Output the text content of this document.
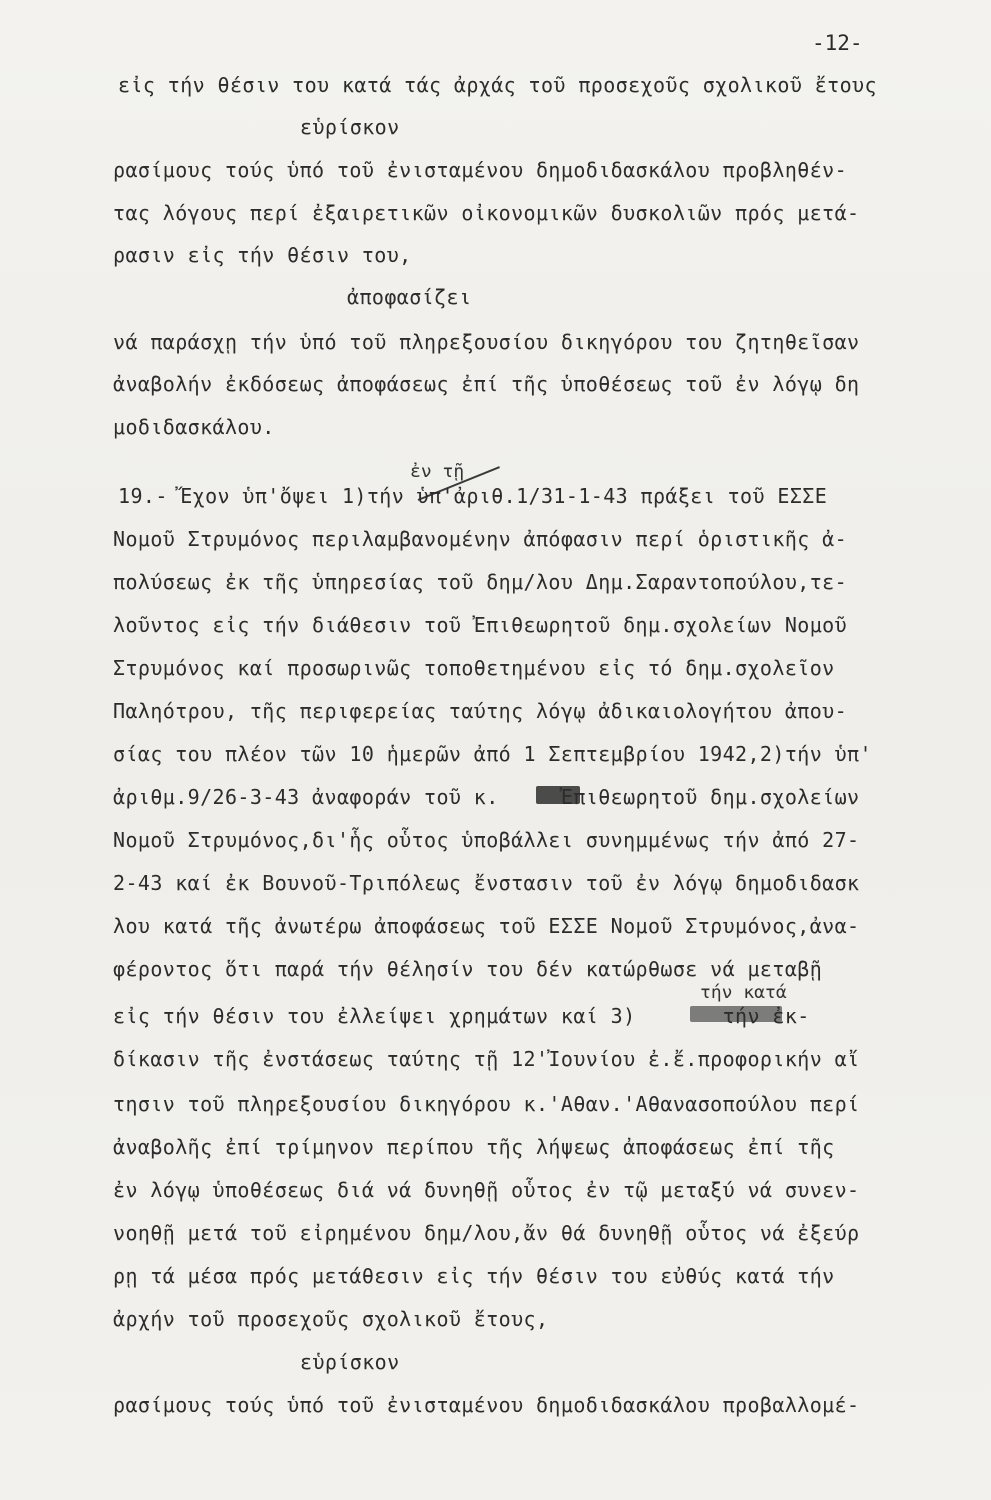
-12-
ἐν τῇ
τήν κατά
εἰς τήν θέσιν του κατά τάς ἀρχάς τοῦ προσεχοῦς σχολικοῦ ἔτους
εὑρίσκον
ρασίμους τούς ὑπό τοῦ ἐνισταμένου δημοδιδασκάλου προβληθέν-
τας λόγους περί ἐξαιρετικῶν οἰκονομικῶν δυσκολιῶν πρός μετά-
ρασιν εἰς τήν θέσιν του,
ἀποφασίζει
νά παράσχῃ τήν ὑπό τοῦ πληρεξουσίου δικηγόρου του ζητηθεῖσαν
ἀναβολήν ἐκδόσεως ἀποφάσεως ἐπί τῆς ὑποθέσεως τοῦ ἐν λόγῳ δη
μοδιδασκάλου.
19.- Ἔχον ὑπ'ὄψει 1)τήν ὑπ'ἀριθ.1/31-1-43 πράξει τοῦ ΕΣΣΕ
Νομοῦ Στρυμόνος περιλαμβανομένην ἀπόφασιν περί ὁριστικῆς ἀ-
πολύσεως ἐκ τῆς ὑπηρεσίας τοῦ δημ/λου Δημ.Σαραντοπούλου,τε-
λοῦντος εἰς τήν διάθεσιν τοῦ Ἐπιθεωρητοῦ δημ.σχολείων Νομοῦ
Στρυμόνος καί προσωρινῶς τοποθετημένου εἰς τό δημ.σχολεῖον
Παληότρου, τῆς περιφερείας ταύτης λόγῳ ἀδικαιολογήτου ἀπου-
σίας του πλέον τῶν 10 ἡμερῶν ἀπό 1 Σεπτεμβρίου 1942,2)τήν ὑπ'
ἀριθμ.9/26-3-43 ἀναφοράν τοῦ κ.     Ἐπιθεωρητοῦ δημ.σχολείων
Νομοῦ Στρυμόνος,δι'ἧς οὗτος ὑποβάλλει συνημμένως τήν ἀπό 27-
2-43 καί ἐκ Βουνοῦ-Τριπόλεως ἔνστασιν τοῦ ἐν λόγῳ δημοδιδασκ
λου κατά τῆς ἀνωτέρω ἀποφάσεως τοῦ ΕΣΣΕ Νομοῦ Στρυμόνος,ἀνα-
φέροντος ὅτι παρά τήν θέλησίν του δέν κατώρθωσε νά μεταβῇ
εἰς τήν θέσιν του ἐλλείψει χρημάτων καί 3)       τήν ἐκ-
δίκασιν τῆς ἐνστάσεως ταύτης τῇ 12'Ἰουνίου ἐ.ἔ.προφορικήν αἴ
τησιν τοῦ πληρεξουσίου δικηγόρου κ.'Αθαν.'Αθανασοπούλου περί
ἀναβολῆς ἐπί τρίμηνον περίπου τῆς λήψεως ἀποφάσεως ἐπί τῆς
ἐν λόγῳ ὑποθέσεως διά νά δυνηθῇ οὗτος ἐν τῷ μεταξύ νά συνεν-
νοηθῇ μετά τοῦ εἰρημένου δημ/λου,ἄν θά δυνηθῇ οὗτος νά ἐξεύρ
ρῃ τά μέσα πρός μετάθεσιν εἰς τήν θέσιν του εὐθύς κατά τήν
ἀρχήν τοῦ προσεχοῦς σχολικοῦ ἔτους,
εὑρίσκον
ρασίμους τούς ὑπό τοῦ ἐνισταμένου δημοδιδασκάλου προβαλλομέ-
